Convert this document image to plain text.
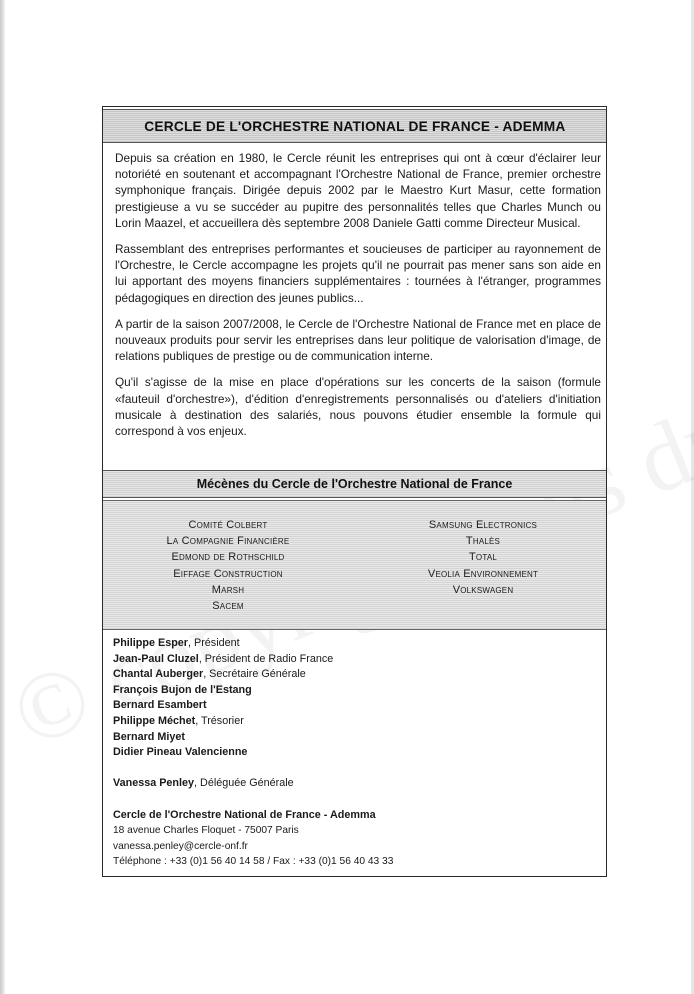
CERCLE DE L'ORCHESTRE NATIONAL DE FRANCE - ADEMMA

Depuis sa création en 1980, le Cercle réunit les entreprises qui ont à cœur d'éclairer leur notoriété en soutenant et accompagnant l'Orchestre National de France, premier orchestre symphonique français. Dirigée depuis 2002 par le Maestro Kurt Masur, cette formation prestigieuse a vu se succéder au pupitre des personnalités telles que Charles Munch ou Lorin Maazel, et accueillera dès septembre 2008 Daniele Gatti comme Directeur Musical.

Rassemblant des entreprises performantes et soucieuses de participer au rayonnement de l'Orchestre, le Cercle accompagne les projets qu'il ne pourrait pas mener sans son aide en lui apportant des moyens financiers supplémentaires : tournées à l'étranger, programmes pédagogiques en direction des jeunes publics...

A partir de la saison 2007/2008, le Cercle de l'Orchestre National de France met en place de nouveaux produits pour servir les entreprises dans leur politique de valorisation d'image, de relations publiques de prestige ou de communication interne.

Qu'il s'agisse de la mise en place d'opérations sur les concerts de la saison (formule «fauteuil d'orchestre»), d'édition d'enregistrements personnalisés ou d'ateliers d'initiation musicale à destination des salariés, nous pouvons étudier ensemble la formule qui correspond à vos enjeux.

Mécènes du Cercle de l'Orchestre National de France
Comité Colbert
La Compagnie Financière
Edmond de Rothschild
Eiffage Construction
Marsh
Sacem
Samsung Electronics
Thalès
Total
Veolia Environnement
Volkswagen
Philippe Esper, Président
Jean-Paul Cluzel, Président de Radio France
Chantal Auberger, Secrétaire Générale
François Bujon de l'Estang
Bernard Esambert
Philippe Méchet, Trésorier
Bernard Miyet
Didier Pineau Valencienne
Vanessa Penley, Déléguée Générale
Cercle de l'Orchestre National de France - Ademma
18 avenue Charles Floquet - 75007 Paris
vanessa.penley@cercle-onf.fr
Téléphone : +33 (0)1 56 40 14 58 / Fax : +33 (0)1 56 40 43 33
